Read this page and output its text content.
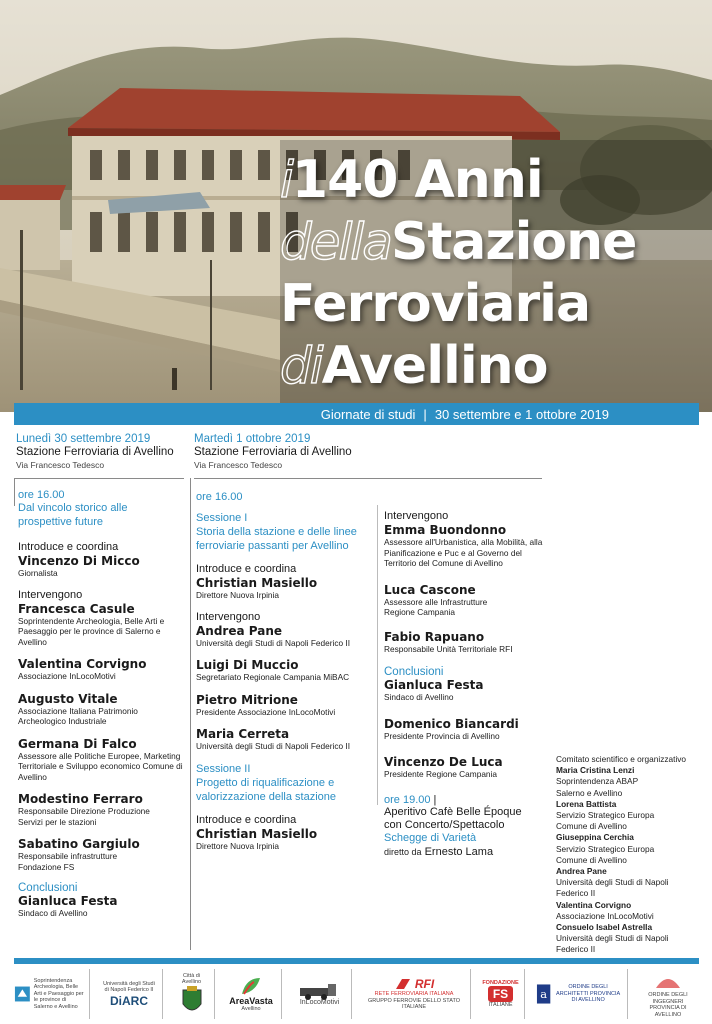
i140 Anni
dellaStazione
Ferroviaria
diAvellino
Giornate di studi | 30 settembre e 1 ottobre 2019
Lunedì 30 settembre 2019
Stazione Ferroviaria di Avellino
Via Francesco Tedesco
Martedì 1 ottobre 2019
Stazione Ferroviaria di Avellino
Via Francesco Tedesco
ore 16.00
Dal vincolo storico alle prospettive future
Introduce e coordina
Vincenzo Di Micco
Giornalista
Intervengono
Francesca Casule
Soprintendente Archeologia, Belle Arti e Paesaggio per le province di Salerno e Avellino
Valentina Corvigno
Associazione InLocoMotivi
Augusto Vitale
Associazione Italiana Patrimonio Archeologico Industriale
Germana Di Falco
Assessore alle Politiche Europee, Marketing Territoriale e Sviluppo economico Comune di Avellino
Modestino Ferraro
Responsabile Direzione Produzione Servizi per le stazioni
Sabatino Gargiulo
Responsabile infrastrutture Fondazione FS
Conclusioni
Gianluca Festa
Sindaco di Avellino
ore 16.00
Sessione I
Storia della stazione e delle linee ferroviarie passanti per Avellino
Introduce e coordina
Christian Masiello
Direttore Nuova Irpinia
Intervengono
Andrea Pane
Università degli Studi di Napoli Federico II
Luigi Di Muccio
Segretariato Regionale Campania MiBAC
Pietro Mitrione
Presidente Associazione InLocoMotivi
Maria Cerreta
Università degli Studi di Napoli Federico II
Sessione II
Progetto di riqualificazione e valorizzazione della stazione
Introduce e coordina
Christian Masiello
Direttore Nuova Irpinia
Intervengono
Emma Buondonno
Assessore all'Urbanistica, alla Mobilità, alla Pianificazione e Puc e al Governo del Territorio del Comune di Avellino
Luca Cascone
Assessore alle Infrastrutture Regione Campania
Fabio Rapuano
Responsabile Unità Territoriale RFI
Conclusioni
Gianluca Festa
Sindaco di Avellino
Domenico Biancardi
Presidente Provincia di Avellino
Vincenzo De Luca
Presidente Regione Campania
ore 19.00 |
Aperitivo Cafè Belle Époque
con Concerto/Spettacolo
Schegge di Varietà
diretto da Ernesto Lama
Comitato scientifico e organizzativo
Maria Cristina Lenzi
Soprintendenza ABAP
Salerno e Avellino
Lorena Battista
Servizio Strategico Europa
Comune di Avellino
Giuseppina Cerchia
Servizio Strategico Europa
Comune di Avellino
Andrea Pane
Università degli Studi di Napoli
Federico II
Valentina Corvigno
Associazione InLocoMotivi
Consuelo Isabel Astrella
Università degli Studi di Napoli
Federico II
Soprintendenza Archeologia, Belle Arti e Paesaggio per le province di Salerno e Avellino
Università degli Studi di Napoli Federico II
DiARC
Città di Avellino
AreaVasta
Avellino
InLocoMotivi
RFI
RETE FERROVIARIA ITALIANA
GRUPPO FERROVIE DELLO STATO ITALIANE
FONDAZIONE
FS
ITALIANE
a	ORDINE DEGLI ARCHITETTI PROVINCIA DI AVELLINO
ORDINE DEGLI INGEGNERI PROVINCIA DI AVELLINO
